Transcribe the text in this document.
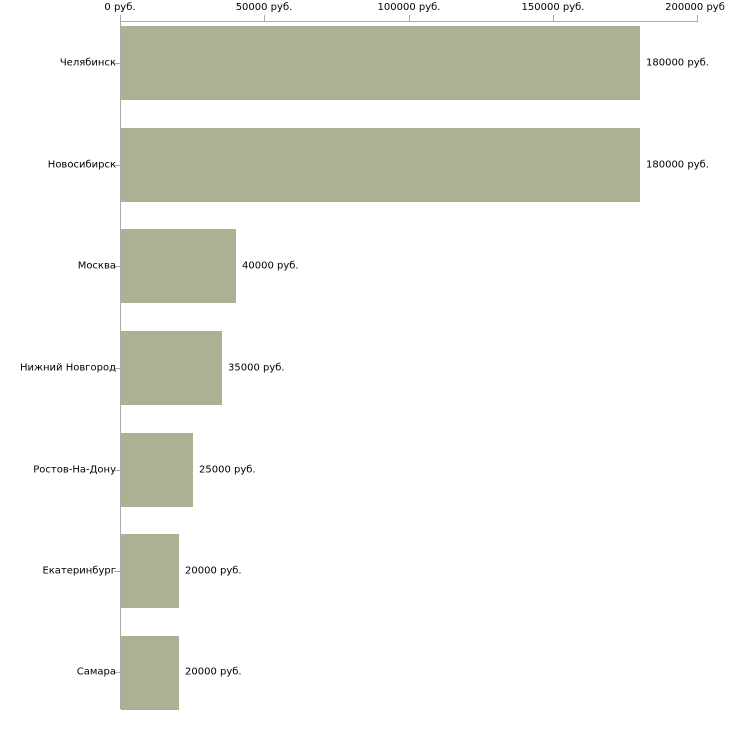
0 руб.	50000 руб.	100000 руб.	150000 руб.	200000 руб
Челябинск
Новосибирск
Москва
Нижний Новгород
Ростов-На-Дону
Екатеринбург
Самара
180000 руб.
180000 руб.
40000 руб.
35000 руб.
25000 руб.
20000 руб.
20000 руб.
